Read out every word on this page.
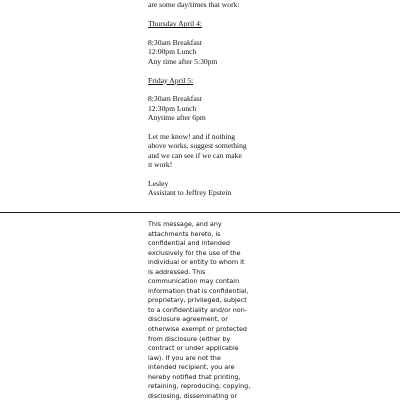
are some day/times that work:

Thursday April 4:

8:30am Breakfast

12:00pm Lunch

Any time after 5:30pm

Friday April 5:

8:30am Breakfast

12:30pm Lunch

Anytime after 6pm

Let me know! and if nothing

above works, suggest something

and we can see if we can make

it work!

Lesley

Assistant to Jeffrey Epstein

This message, and any
attachments hereto, is
confidential and intended
exclusively for the use of the
individual or entity to whom it
is addressed. This
communication may contain
information that is confidential,
proprietary, privileged, subject
to a confidentiality and/or non-
disclosure agreement, or
otherwise exempt or protected
from disclosure (either by
contract or under applicable
law). If you are not the
intended recipient, you are
hereby notified that printing,
retaining, reproducing, copying,
disclosing, disseminating or
